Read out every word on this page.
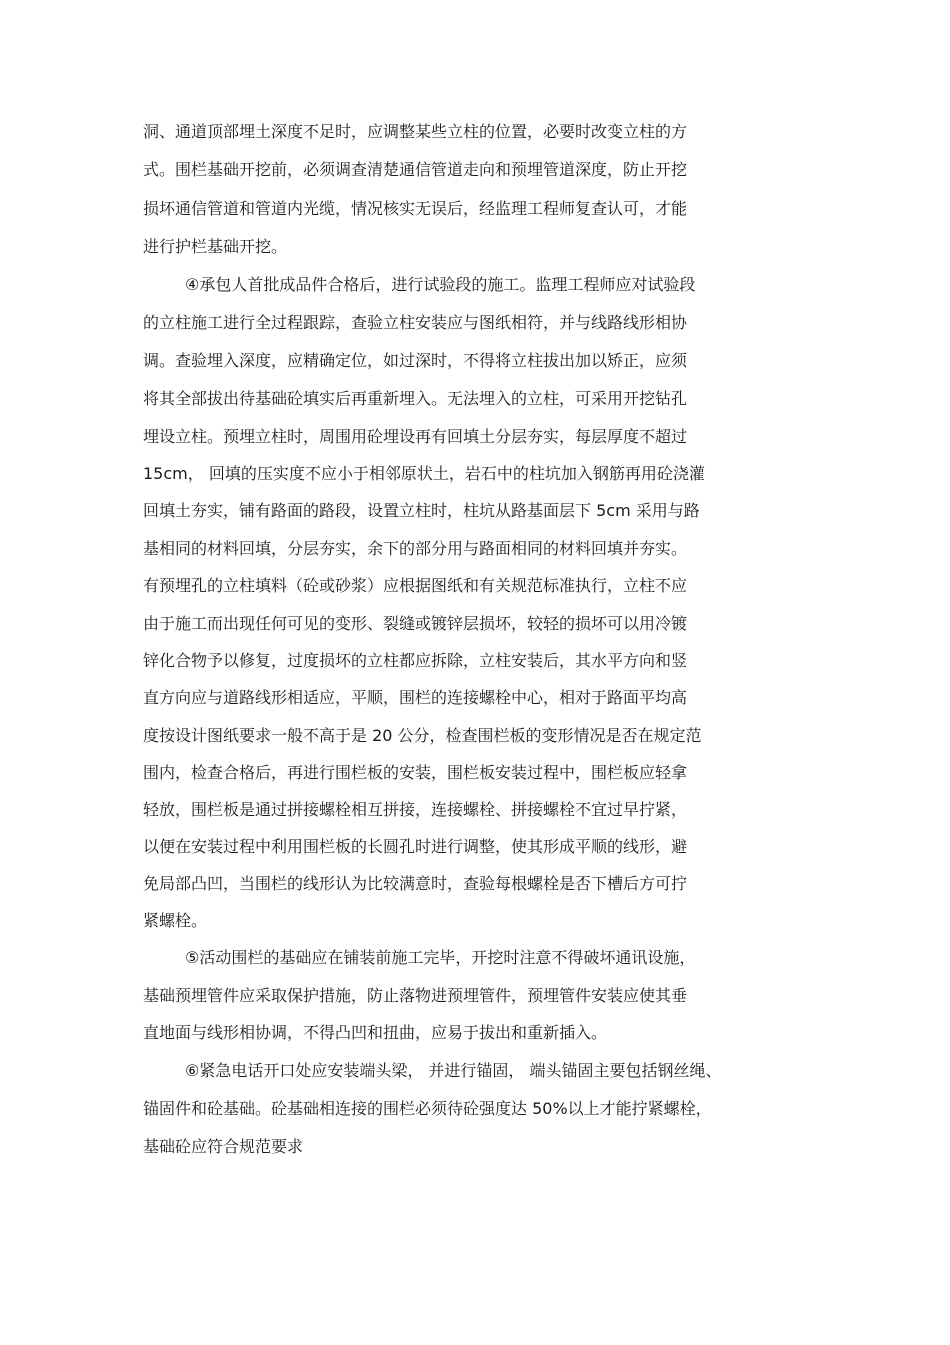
洞、通道顶部埋土深度不足时，应调整某些立柱的位置，必要时改变立柱的方
式。围栏基础开挖前，必须调查清楚通信管道走向和预埋管道深度，防止开挖
损坏通信管道和管道内光缆，情况核实无误后，经监理工程师复查认可，才能
进行护栏基础开挖。
④承包人首批成品件合格后，进行试验段的施工。监理工程师应对试验段
的立柱施工进行全过程跟踪，查验立柱安装应与图纸相符，并与线路线形相协
调。查验埋入深度，应精确定位，如过深时，不得将立柱拔出加以矫正，应须
将其全部拔出待基础砼填实后再重新埋入。无法埋入的立柱，可采用开挖钻孔
埋设立柱。预埋立柱时，周围用砼埋设再有回填土分层夯实，每层厚度不超过
15cm， 回填的压实度不应小于相邻原状土，岩石中的柱坑加入钢筋再用砼浇灌
回填土夯实，铺有路面的路段，设置立柱时，柱坑从路基面层下 5cm 采用与路
基相同的材料回填，分层夯实，余下的部分用与路面相同的材料回填并夯实。
有预埋孔的立柱填料（砼或砂浆）应根据图纸和有关规范标准执行，立柱不应
由于施工而出现任何可见的变形、裂缝或镀锌层损坏，较轻的损坏可以用冷镀
锌化合物予以修复，过度损坏的立柱都应拆除，立柱安装后，其水平方向和竖
直方向应与道路线形相适应，平顺，围栏的连接螺栓中心，相对于路面平均高
度按设计图纸要求一般不高于是 20 公分，检查围栏板的变形情况是否在规定范
围内，检查合格后，再进行围栏板的安装，围栏板安装过程中，围栏板应轻拿
轻放，围栏板是通过拼接螺栓相互拼接，连接螺栓、拼接螺栓不宜过早拧紧，
以便在安装过程中利用围栏板的长圆孔时进行调整，使其形成平顺的线形，避
免局部凸凹，当围栏的线形认为比较满意时，查验每根螺栓是否下槽后方可拧
紧螺栓。
⑤活动围栏的基础应在铺装前施工完毕，开挖时注意不得破坏通讯设施，
基础预埋管件应采取保护措施，防止落物进预埋管件，预埋管件安装应使其垂
直地面与线形相协调，不得凸凹和扭曲，应易于拔出和重新插入。
⑥紧急电话开口处应安装端头梁， 并进行锚固， 端头锚固主要包括钢丝绳、
锚固件和砼基础。砼基础相连接的围栏必须待砼强度达 50%以上才能拧紧螺栓，
基础砼应符合规范要求
